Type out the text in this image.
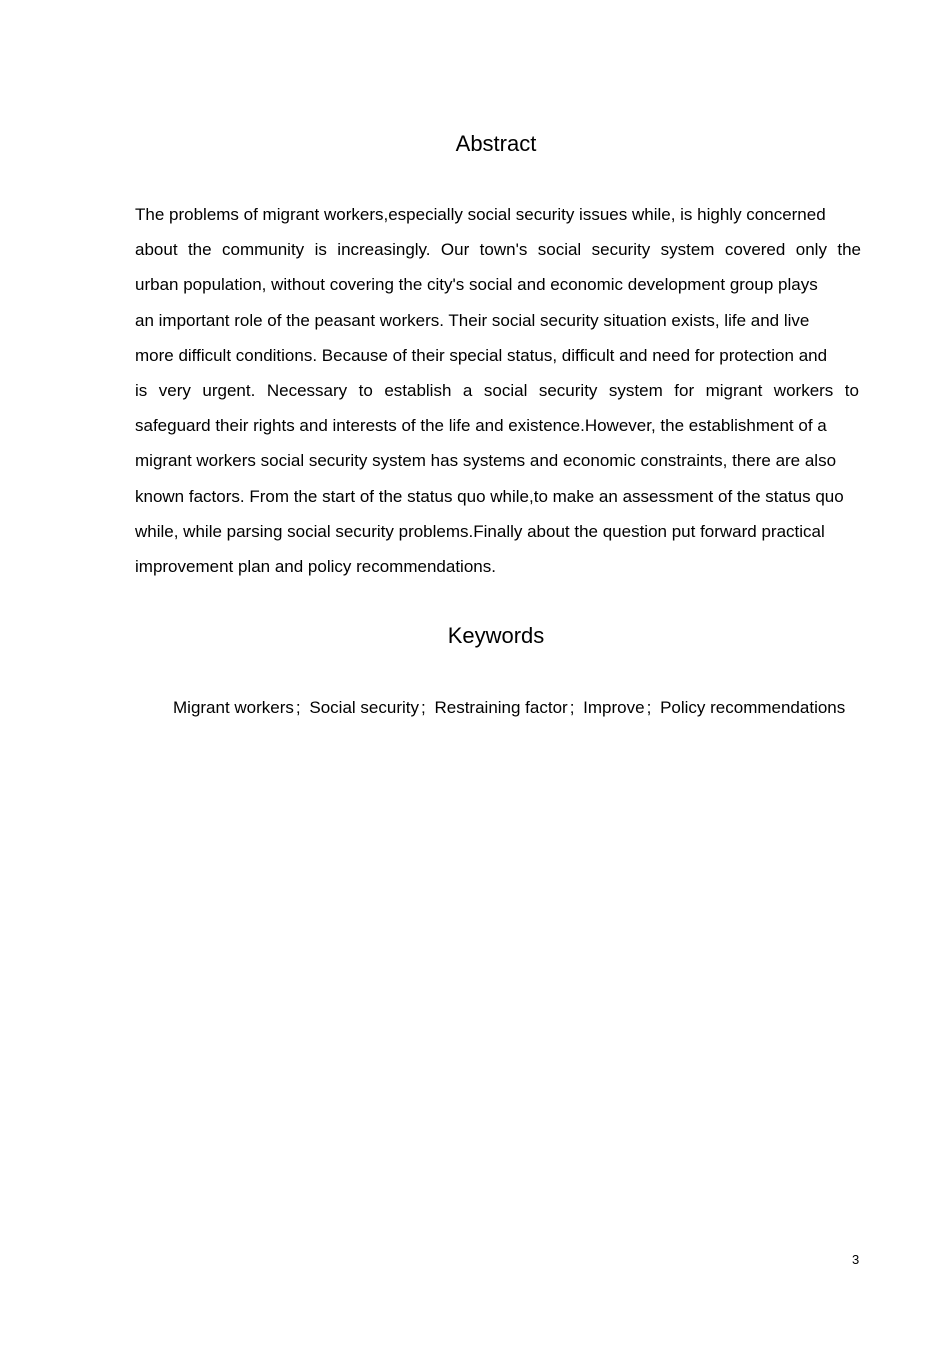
Abstract
The problems of migrant workers,especially social security issues while, is highly concerned
about the community is increasingly. Our town's social security system covered only the
urban population, without covering the city's social and economic development group plays
an important role of the peasant workers. Their social security situation exists, life and live
more difficult conditions. Because of their special status, difficult and need for protection and
is very urgent. Necessary to establish a social security system for migrant workers to
safeguard their rights and interests of the life and existence.However, the establishment of a
migrant workers social security system has systems and economic constraints, there are also
known factors. From the start of the status quo while,to make an assessment of the status quo
while, while parsing social security problems.Finally about the question put forward practical
improvement plan and policy recommendations.
Keywords
Migrant workers ; Social security ; Restraining factor ; Improve ; Policy recommendations
3
